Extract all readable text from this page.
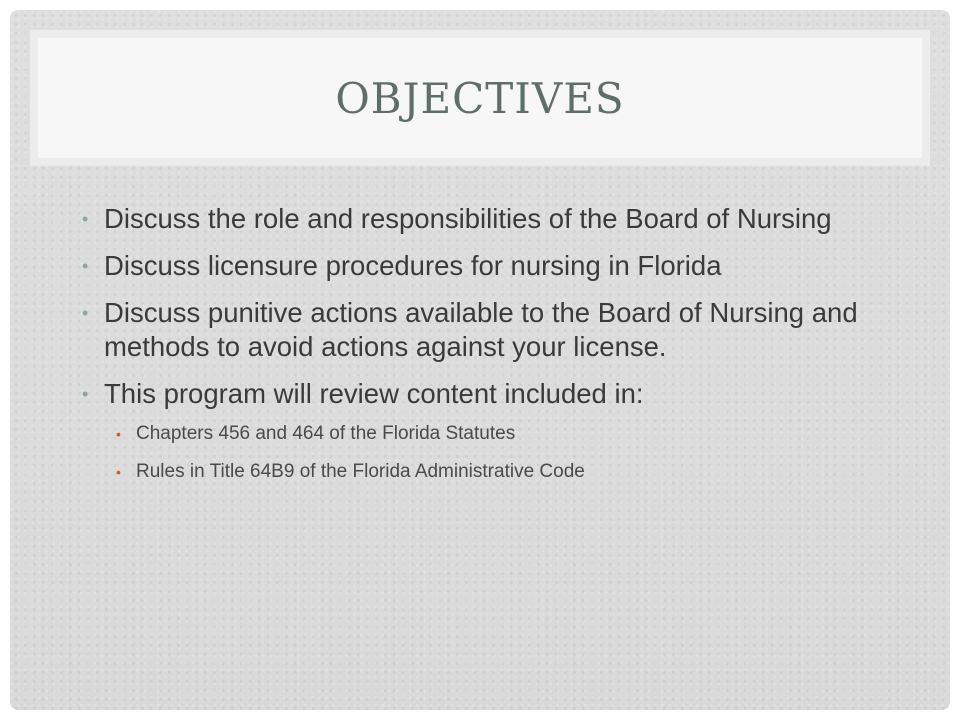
OBJECTIVES
• Discuss the role and responsibilities of the Board of Nursing
• Discuss licensure procedures for nursing in Florida
• Discuss punitive actions available to the Board of Nursing and methods to avoid actions against your license.
• This program will review content included in:
• Chapters 456 and 464 of the Florida Statutes
• Rules in Title 64B9 of the Florida Administrative Code
